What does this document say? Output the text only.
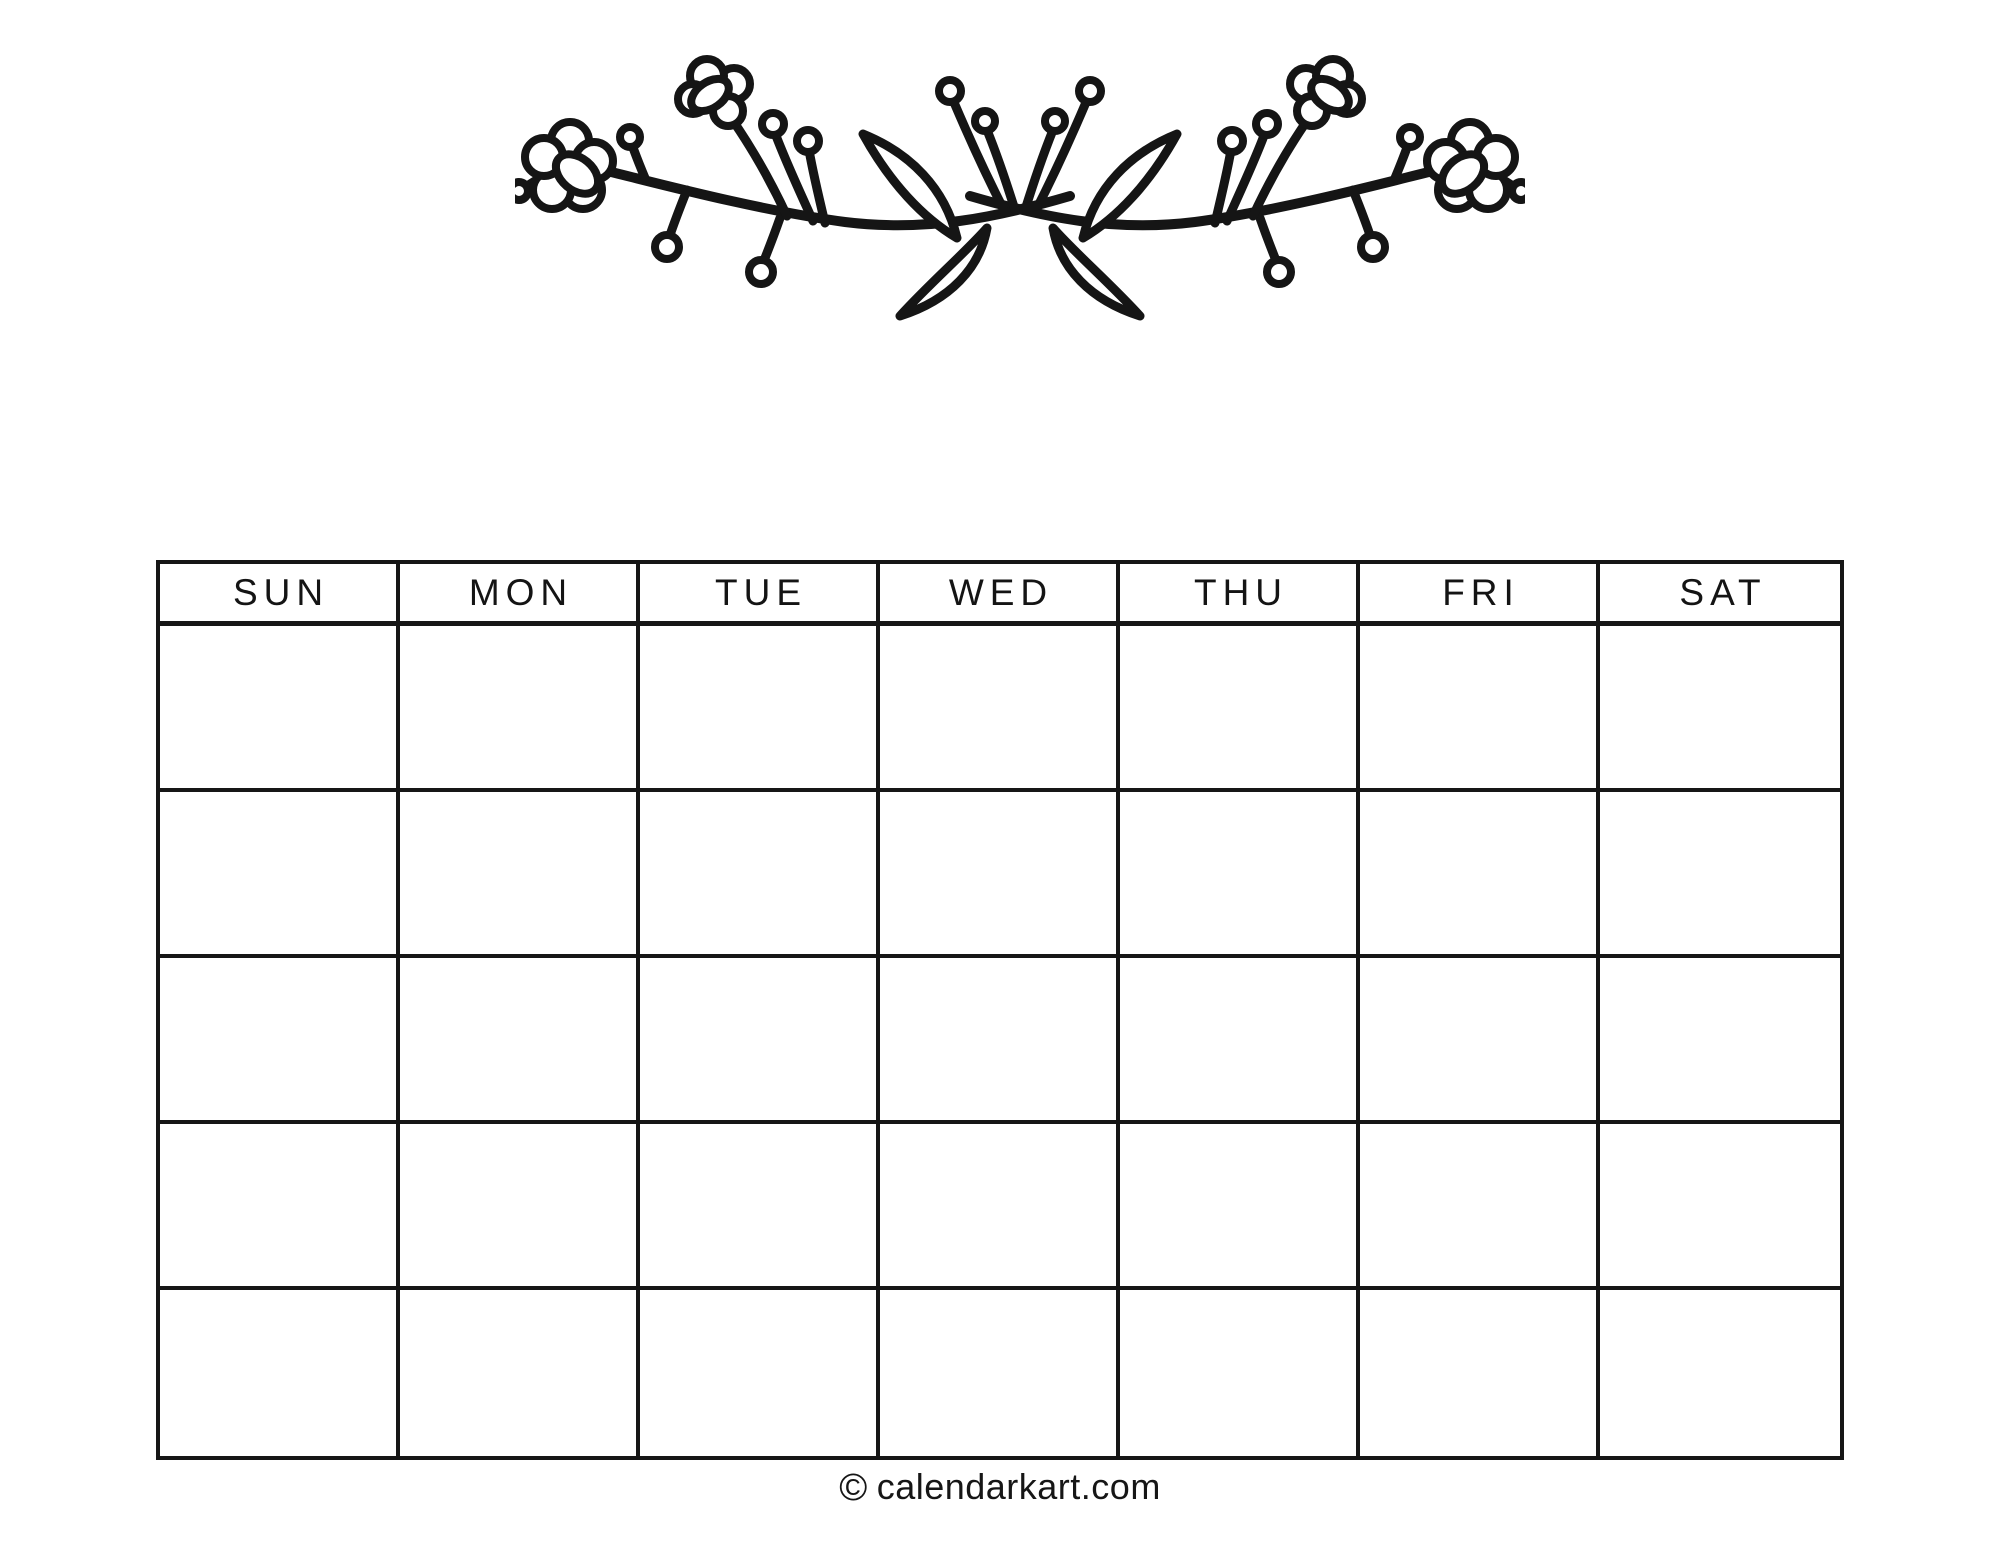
SUN	MON	TUE	WED	THU	FRI	SAT
© calendarkart.com
